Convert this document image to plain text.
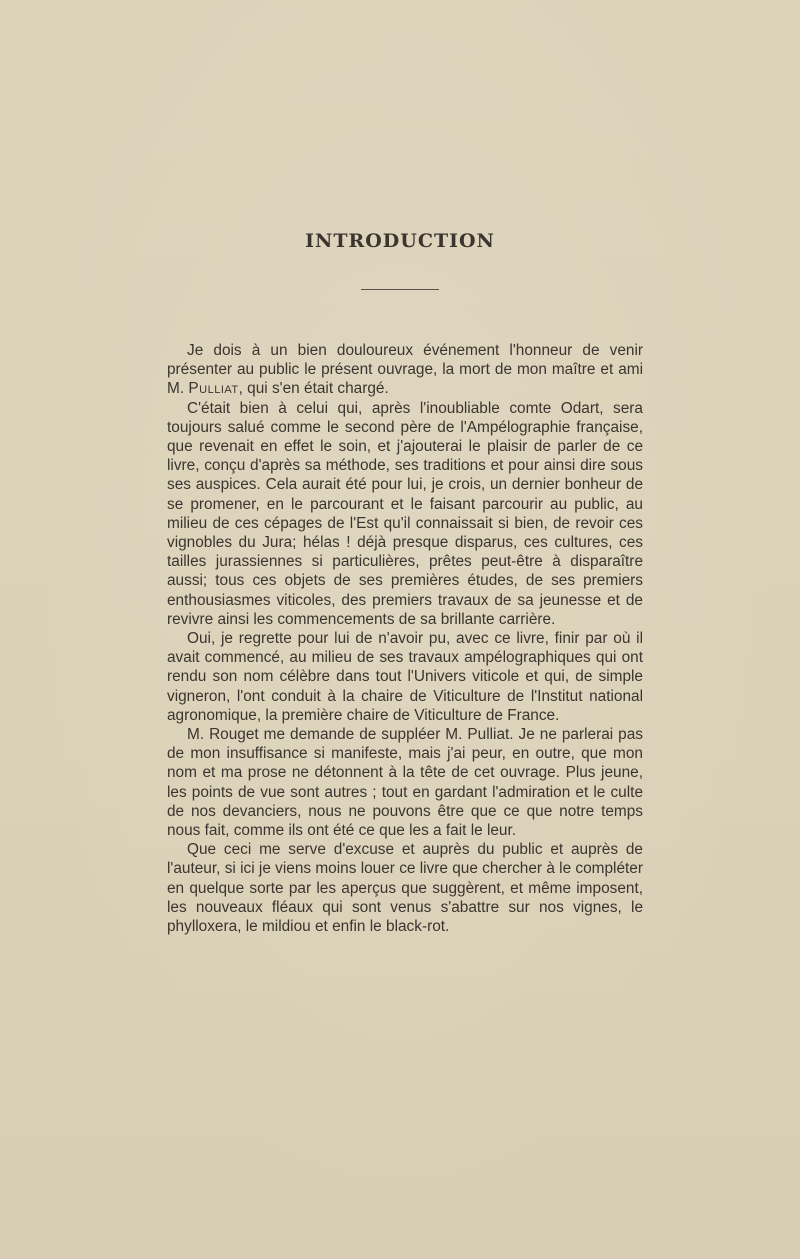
INTRODUCTION

Je dois à un bien douloureux événement l'honneur de venir présenter au public le présent ouvrage, la mort de mon maître et ami M. Pulliat, qui s'en était chargé.

C'était bien à celui qui, après l'inoubliable comte Odart, sera toujours salué comme le second père de l'Ampélographie française, que revenait en effet le soin, et j'ajouterai le plaisir de parler de ce livre, conçu d'après sa méthode, ses traditions et pour ainsi dire sous ses auspices. Cela aurait été pour lui, je crois, un dernier bonheur de se promener, en le parcourant et le faisant parcourir au public, au milieu de ces cépages de l'Est qu'il connaissait si bien, de revoir ces vignobles du Jura; hélas ! déjà presque disparus, ces cultures, ces tailles jurassiennes si particulières, prêtes peut-être à disparaître aussi; tous ces objets de ses premières études, de ses premiers enthousiasmes viticoles, des premiers travaux de sa jeunesse et de revivre ainsi les commencements de sa brillante carrière.

Oui, je regrette pour lui de n'avoir pu, avec ce livre, finir par où il avait commencé, au milieu de ses travaux ampélographiques qui ont rendu son nom célèbre dans tout l'Univers viticole et qui, de simple vigneron, l'ont conduit à la chaire de Viticulture de l'Institut national agronomique, la première chaire de Viticulture de France.

M. Rouget me demande de suppléer M. Pulliat. Je ne parlerai pas de mon insuffisance si manifeste, mais j'ai peur, en outre, que mon nom et ma prose ne détonnent à la tête de cet ouvrage. Plus jeune, les points de vue sont autres ; tout en gardant l'admiration et le culte de nos devanciers, nous ne pouvons être que ce que notre temps nous fait, comme ils ont été ce que les a fait le leur.

Que ceci me serve d'excuse et auprès du public et auprès de l'auteur, si ici je viens moins louer ce livre que chercher à le compléter en quelque sorte par les aperçus que suggèrent, et même imposent, les nouveaux fléaux qui sont venus s'abattre sur nos vignes, le phylloxera, le mildiou et enfin le black-rot.
